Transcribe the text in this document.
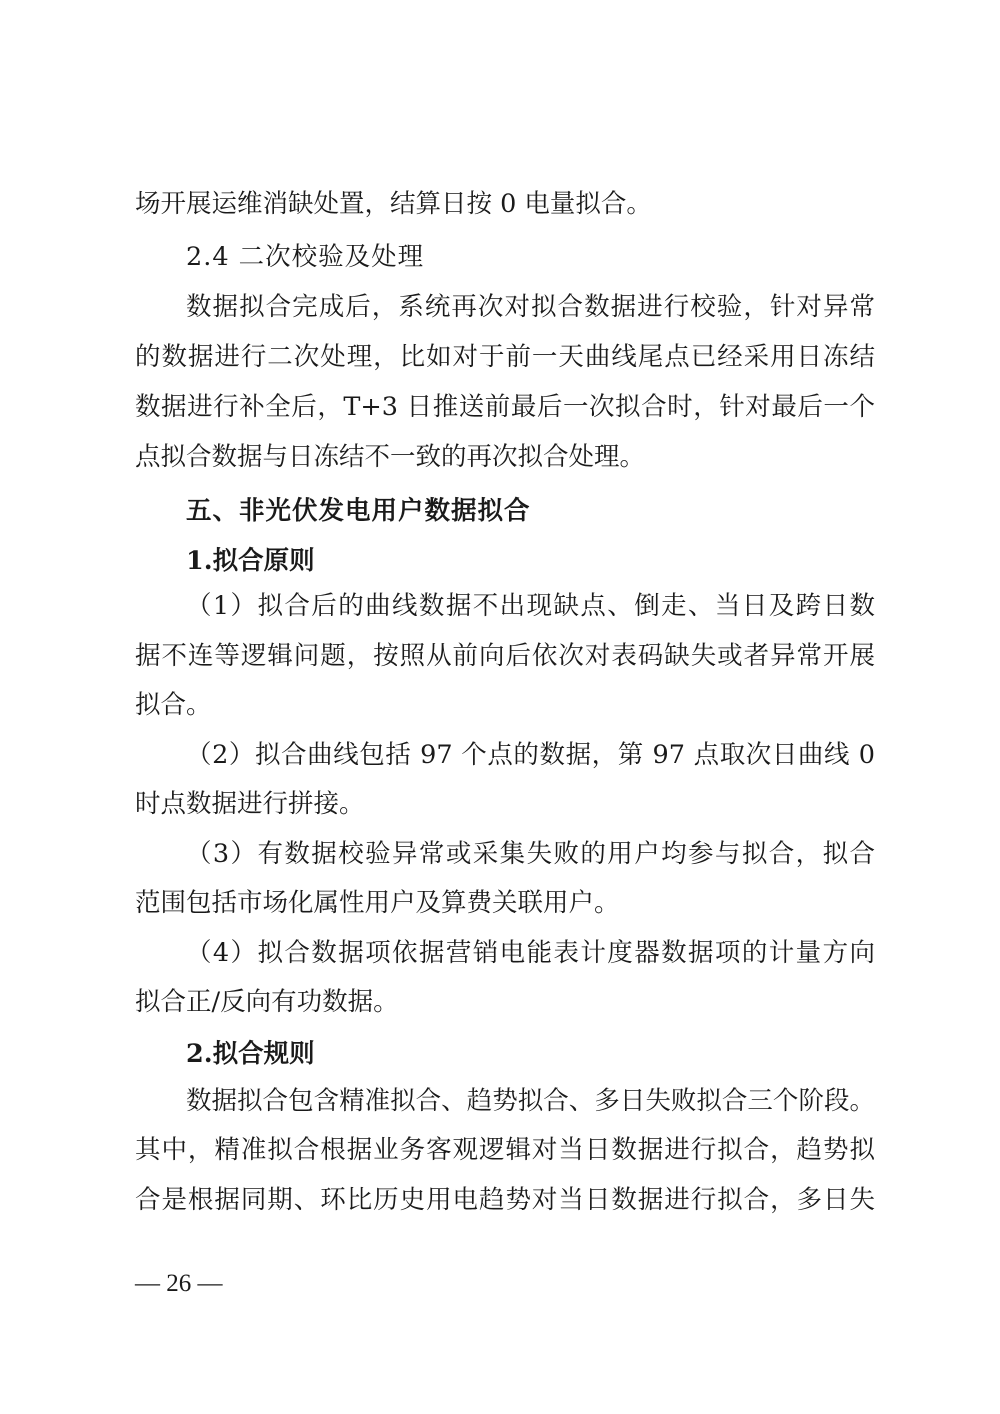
场开展运维消缺处置，结算日按 0 电量拟合。
2.4 二次校验及处理
数据拟合完成后，系统再次对拟合数据进行校验，针对异常
的数据进行二次处理，比如对于前一天曲线尾点已经采用日冻结
数据进行补全后，T+3 日推送前最后一次拟合时，针对最后一个
点拟合数据与日冻结不一致的再次拟合处理。
五、非光伏发电用户数据拟合
1.拟合原则
（1）拟合后的曲线数据不出现缺点、倒走、当日及跨日数
据不连等逻辑问题，按照从前向后依次对表码缺失或者异常开展
拟合。
（2）拟合曲线包括 97 个点的数据，第 97 点取次日曲线 0
时点数据进行拼接。
（3）有数据校验异常或采集失败的用户均参与拟合，拟合
范围包括市场化属性用户及算费关联用户。
（4）拟合数据项依据营销电能表计度器数据项的计量方向
拟合正/反向有功数据。
2.拟合规则
数据拟合包含精准拟合、趋势拟合、多日失败拟合三个阶段。
其中，精准拟合根据业务客观逻辑对当日数据进行拟合，趋势拟
合是根据同期、环比历史用电趋势对当日数据进行拟合，多日失
— 26 —
